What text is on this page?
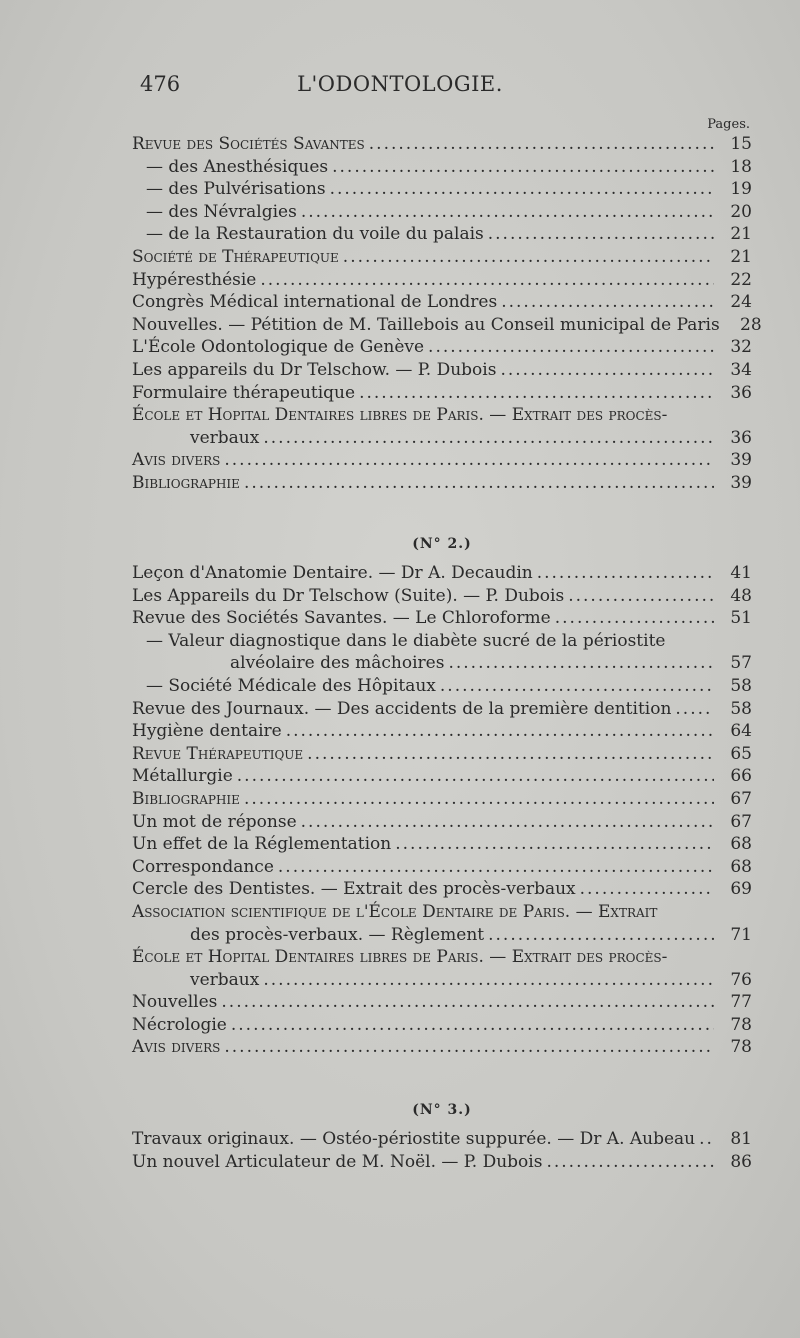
476	L'ODONTOLOGIE.
Pages.
Revue des Sociétés Savantes .....	15
— des Anesthésiques .....	18
— des Pulvérisations .....	19
— des Névralgies .....	20
— de la Restauration du voile du palais .....	21
Société de Thérapeutique .....	21
Hypéresthésie .....	22
Congrès Médical international de Londres .....	24
Nouvelles. — Pétition de M. Taillebois au Conseil municipal de Paris	28
L'École Odontologique de Genève .....	32
Les appareils du Dr Telschow. — P. Dubois .....	34
Formulaire thérapeutique .....	36
École et Hopital Dentaires libres de Paris. — Extrait des procès-
verbaux .....	36
Avis divers .....	39
Bibliographie .....	39
(N° 2.)
Leçon d'Anatomie Dentaire. — Dr A. Decaudin .....	41
Les Appareils du Dr Telschow (Suite). — P. Dubois .....	48
Revue des Sociétés Savantes. — Le Chloroforme .....	51
— Valeur diagnostique dans le diabète sucré de la périostite
alvéolaire des mâchoires .....	57
— Société Médicale des Hôpitaux .....	58
Revue des Journaux. — Des accidents de la première dentition .....	58
Hygiène dentaire .....	64
Revue Thérapeutique .....	65
Métallurgie .....	66
Bibliographie .....	67
Un mot de réponse .....	67
Un effet de la Réglementation .....	68
Correspondance .....	68
Cercle des Dentistes. — Extrait des procès-verbaux .....	69
Association scientifique de l'École Dentaire de Paris. — Extrait
des procès-verbaux. — Règlement .....	71
École et Hopital Dentaires libres de Paris. — Extrait des procès-
verbaux .....	76
Nouvelles .....	77
Nécrologie .....	78
Avis divers .....	78
(N° 3.)
Travaux originaux. — Ostéo-périostite suppurée. — Dr A. Aubeau .....	81
Un nouvel Articulateur de M. Noël. — P. Dubois .....	86
